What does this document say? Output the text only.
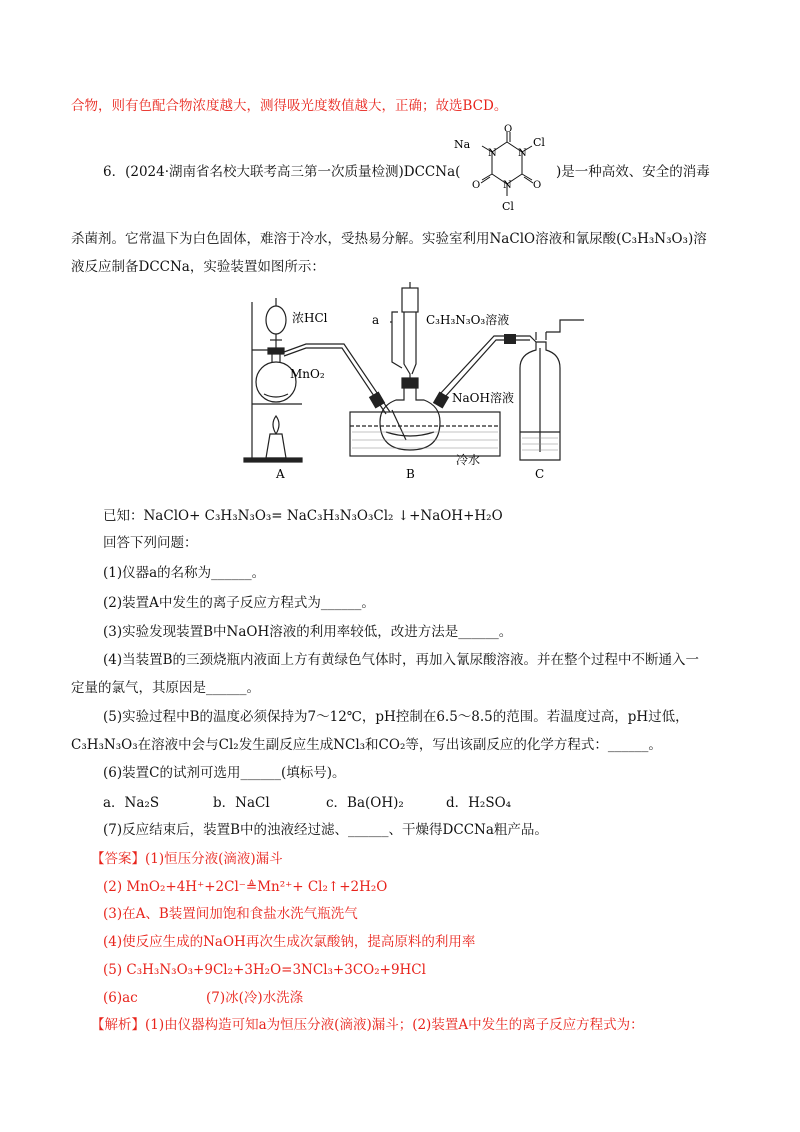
合物，则有色配合物浓度越大，测得吸光度数值越大，正确；故选BCD。
6．(2024·湖南省名校大联考高三第一次质量检测)DCCNa(	)是一种高效、安全的消毒
Na
N
O
N
Cl
O
N
O
Cl
杀菌剂。它常温下为白色固体，难溶于冷水，受热易分解。实验室利用NaClO溶液和氰尿酸(C₃H₃N₃O₃)溶
液反应制备DCCNa，实验装置如图所示：
浓HCl
MnO₂
a	C₃H₃N₃O₃溶液
NaOH溶液
冷水
A	B	C
已知：NaClO+ C₃H₃N₃O₃= NaC₃H₃N₃O₃Cl₂ ↓+NaOH+H₂O
回答下列问题：
(1)仪器a的名称为______。
(2)装置A中发生的离子反应方程式为______。
(3)实验发现装置B中NaOH溶液的利用率较低，改进方法是______。
(4)当装置B的三颈烧瓶内液面上方有黄绿色气体时，再加入氰尿酸溶液。并在整个过程中不断通入一
定量的氯气，其原因是______。
(5)实验过程中B的温度必须保持为7～12℃，pH控制在6.5～8.5的范围。若温度过高，pH过低，
C₃H₃N₃O₃在溶液中会与Cl₂发生副反应生成NCl₃和CO₂等，写出该副反应的化学方程式：______。
(6)装置C的试剂可选用______(填标号)。
a．Na₂S	b．NaCl	c．Ba(OH)₂	d．H₂SO₄
(7)反应结束后，装置B中的浊液经过滤、______、干燥得DCCNa粗产品。
【答案】(1)恒压分液(滴液)漏斗
(2) MnO₂+4H⁺+2Cl⁻≜Mn²⁺+ Cl₂↑+2H₂O
(3)在A、B装置间加饱和食盐水洗气瓶洗气
(4)使反应生成的NaOH再次生成次氯酸钠，提高原料的利用率
(5) C₃H₃N₃O₃+9Cl₂+3H₂O=3NCl₃+3CO₂+9HCl
(6)ac	(7)冰(冷)水洗涤
【解析】(1)由仪器构造可知a为恒压分液(滴液)漏斗；(2)装置A中发生的离子反应方程式为：
